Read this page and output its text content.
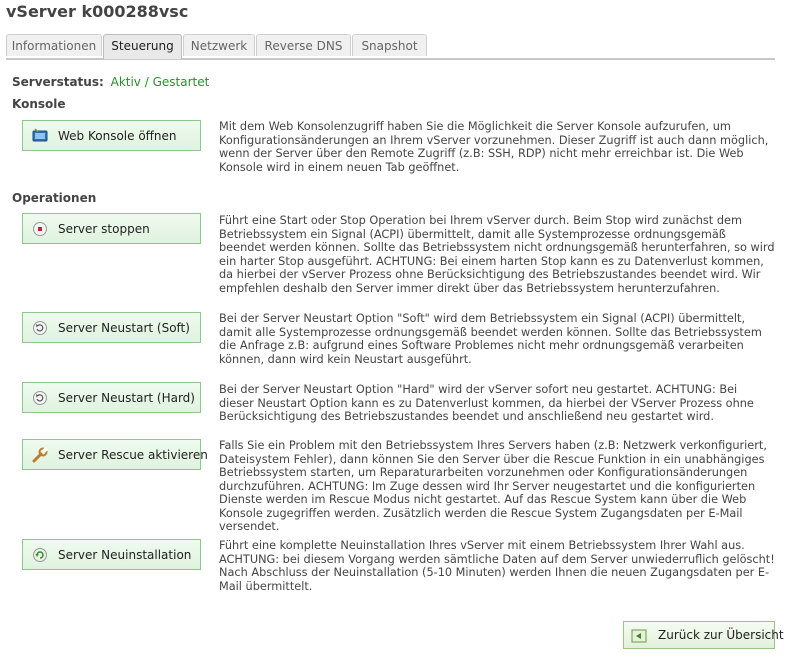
vServer k000288vsc
Informationen	Steuerung	Netzwerk	Reverse DNS	Snapshot
Serverstatus: Aktiv / Gestartet
Konsole
Web Konsole öffnen
Mit dem Web Konsolenzugriff haben Sie die Möglichkeit die Server Konsole aufzurufen, um Konfigurationsänderungen an Ihrem vServer vorzunehmen. Dieser Zugriff ist auch dann möglich, wenn der Server über den Remote Zugriff (z.B: SSH, RDP) nicht mehr erreichbar ist. Die Web Konsole wird in einem neuen Tab geöffnet.
Operationen
Server stoppen
Führt eine Start oder Stop Operation bei Ihrem vServer durch. Beim Stop wird zunächst dem Betriebssystem ein Signal (ACPI) übermittelt, damit alle Systemprozesse ordnungsgemäß beendet werden können. Sollte das Betriebssystem nicht ordnungsgemäß herunterfahren, so wird ein harter Stop ausgeführt. ACHTUNG: Bei einem harten Stop kann es zu Datenverlust kommen, da hierbei der vServer Prozess ohne Berücksichtigung des Betriebszustandes beendet wird. Wir empfehlen deshalb den Server immer direkt über das Betriebssystem herunterzufahren.
Server Neustart (Soft)
Bei der Server Neustart Option "Soft" wird dem Betriebssystem ein Signal (ACPI) übermittelt, damit alle Systemprozesse ordnungsgemäß beendet werden können. Sollte das Betriebssystem die Anfrage z.B: aufgrund eines Software Problemes nicht mehr ordnungsgemäß verarbeiten können, dann wird kein Neustart ausgeführt.
Server Neustart (Hard)
Bei der Server Neustart Option "Hard" wird der vServer sofort neu gestartet. ACHTUNG: Bei dieser Neustart Option kann es zu Datenverlust kommen, da hierbei der VServer Prozess ohne Berücksichtigung des Betriebszustandes beendet und anschließend neu gestartet wird.
Server Rescue aktivieren
Falls Sie ein Problem mit den Betriebssystem Ihres Servers haben (z.B: Netzwerk verkonfiguriert, Dateisystem Fehler), dann können Sie den Server über die Rescue Funktion in ein unabhängiges Betriebssystem starten, um Reparaturarbeiten vorzunehmen oder Konfigurationsänderungen durchzuführen. ACHTUNG: Im Zuge dessen wird Ihr Server neugestartet und die konfigurierten Dienste werden im Rescue Modus nicht gestartet. Auf das Rescue System kann über die Web Konsole zugegriffen werden. Zusätzlich werden die Rescue System Zugangsdaten per E-Mail versendet.
Server Neuinstallation
Führt eine komplette Neuinstallation Ihres vServer mit einem Betriebssystem Ihrer Wahl aus. ACHTUNG: bei diesem Vorgang werden sämtliche Daten auf dem Server unwiederruflich gelöscht! Nach Abschluss der Neuinstallation (5-10 Minuten) werden Ihnen die neuen Zugangsdaten per E-Mail übermittelt.
Zurück zur Übersicht
